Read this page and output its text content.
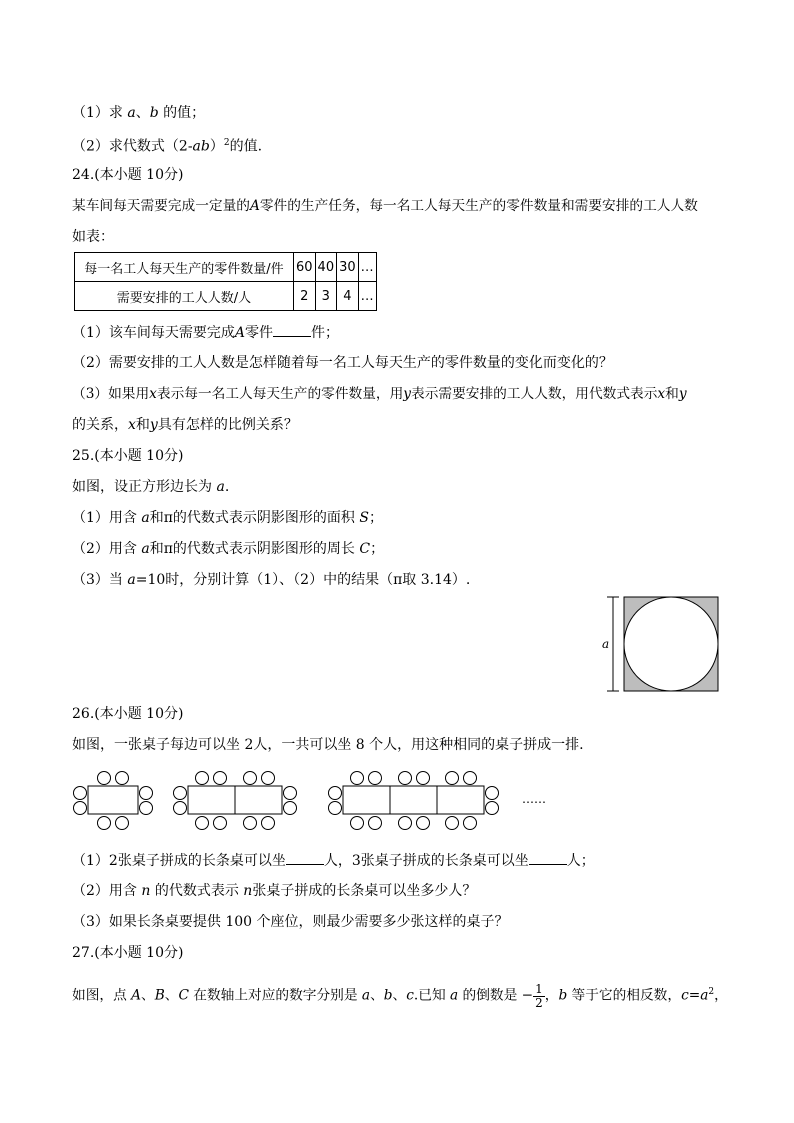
（1）求 a、b 的值；
（2）求代数式$(2-ab)^2$的值.
24.(本小题 10分)
某车间每天需要完成一定量的A零件的生产任务，每一名工人每天生产的零件数量和需要安排的工人人数
如表：
每一名工人每天生产的零件数量/件	60	40	30	…
需要安排的工人人数/人	2	3	4	…
（1）该车间每天需要完成A零件	件；
（2）需要安排的工人人数是怎样随着每一名工人每天生产的零件数量的变化而变化的？
（3）如果用x表示每一名工人每天生产的零件数量，用y表示需要安排的工人人数，用代数式表示x和y
的关系，x和y具有怎样的比例关系？
25.(本小题 10分)
如图，设正方形边长为 a.
（1）用含 a和π的代数式表示阴影图形的面积 S；
（2）用含 a和π的代数式表示阴影图形的周长 C；
（3）当 a=10时，分别计算（1）、（2）中的结果（π取 3.14）.
a
26.(本小题 10分)
如图，一张桌子每边可以坐 2人，一共可以坐 8 个人，用这种相同的桌子拼成一排.
……
（1）2张桌子拼成的长条桌可以坐	人，3张桌子拼成的长条桌可以坐	人；
（2）用含 n 的代数式表示 n张桌子拼成的长条桌可以坐多少人？
（3）如果长条桌要提供 100 个座位，则最少需要多少张这样的桌子？
27.(本小题 10分)
如图，点 A、B、C 在数轴上对应的数字分别是 a、b、c.已知 a 的倒数是 − $\frac{1}{2}$ ，b 等于它的相反数，$c=a^2$，
